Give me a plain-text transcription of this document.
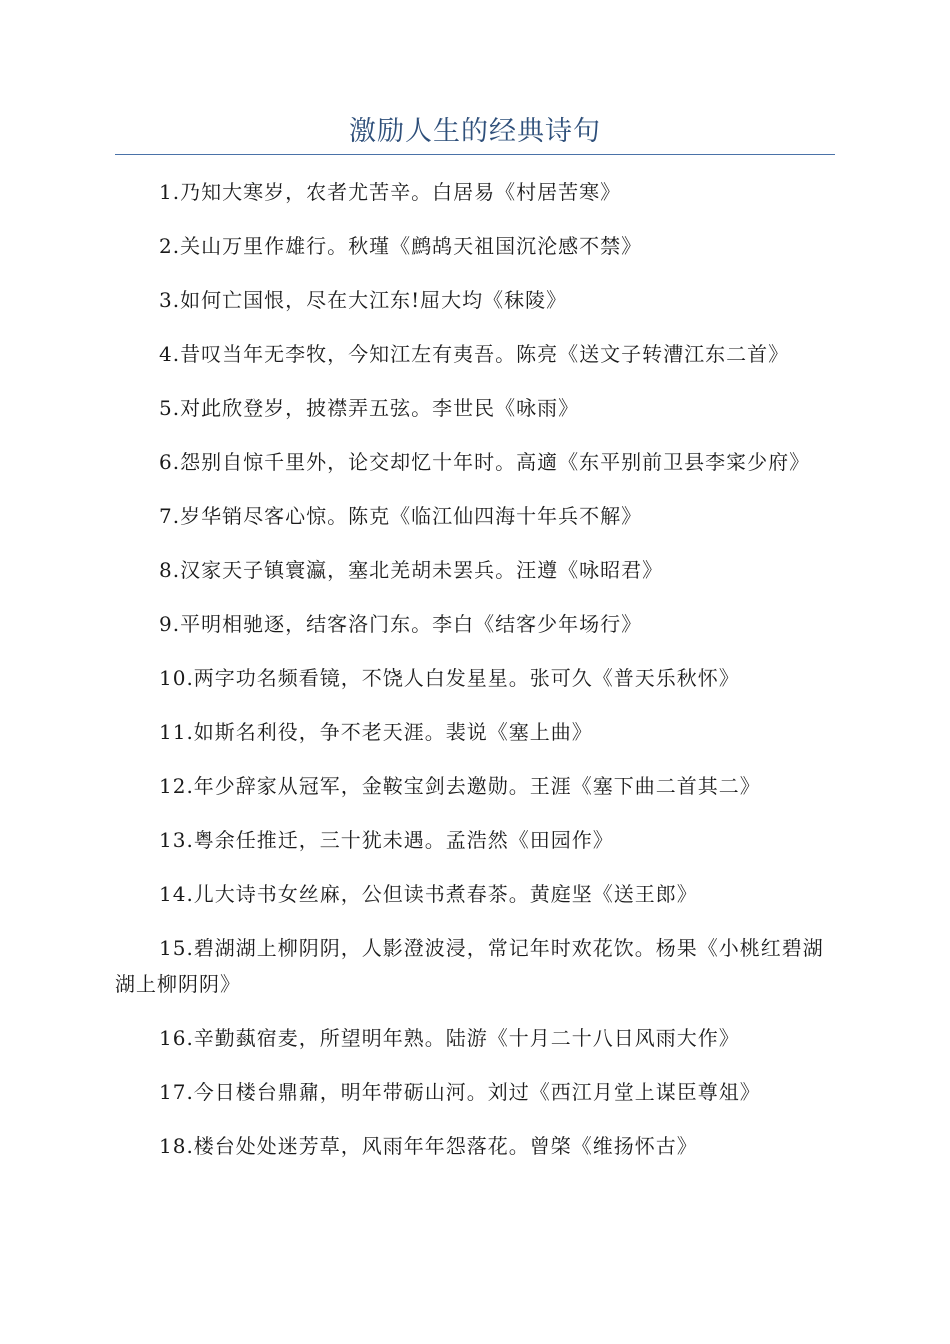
激励人生的经典诗句

1.乃知大寒岁，农者尤苦辛。白居易《村居苦寒》

2.关山万里作雄行。秋瑾《鹧鸪天祖国沉沦感不禁》

3.如何亡国恨，尽在大江东!屈大均《秣陵》

4.昔叹当年无李牧，今知江左有夷吾。陈亮《送文子转漕江东二首》

5.对此欣登岁，披襟弄五弦。李世民《咏雨》

6.怨别自惊千里外，论交却忆十年时。高適《东平别前卫县李寀少府》

7.岁华销尽客心惊。陈克《临江仙四海十年兵不解》

8.汉家天子镇寰瀛，塞北羌胡未罢兵。汪遵《咏昭君》

9.平明相驰逐，结客洛门东。李白《结客少年场行》

10.两字功名频看镜，不饶人白发星星。张可久《普天乐秋怀》

11.如斯名利役，争不老天涯。裴说《塞上曲》

12.年少辞家从冠军，金鞍宝剑去邀勋。王涯《塞下曲二首其二》

13.粤余任推迁，三十犹未遇。孟浩然《田园作》

14.儿大诗书女丝麻，公但读书煮春茶。黄庭坚《送王郎》

15.碧湖湖上柳阴阴，人影澄波浸，常记年时欢花饮。杨果《小桃红碧湖湖上柳阴阴》

16.辛勤蓺宿麦，所望明年熟。陆游《十月二十八日风雨大作》

17.今日楼台鼎鼐，明年带砺山河。刘过《西江月堂上谋臣尊俎》

18.楼台处处迷芳草，风雨年年怨落花。曾棨《维扬怀古》
